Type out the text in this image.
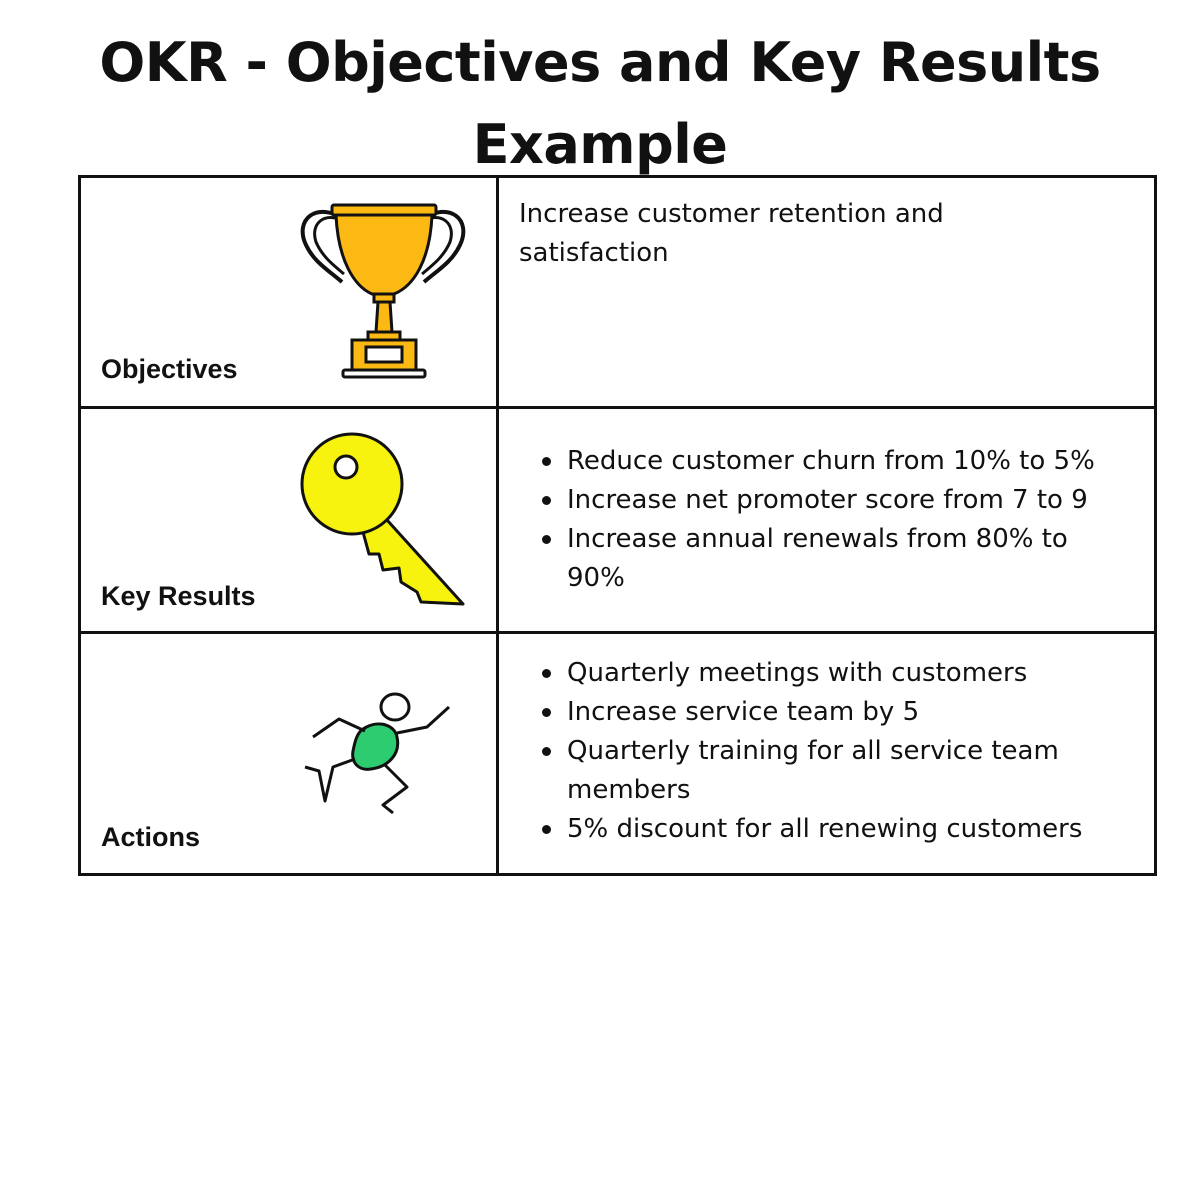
OKR - Objectives and Key Results Example
Objectives
Increase customer retention and satisfaction
Key Results
Reduce customer churn from 10% to 5%
Increase net promoter score from 7 to 9
Increase annual renewals from 80% to 90%
Actions
Quarterly meetings with customers
Increase service team by 5
Quarterly training for all service team members
5% discount for all renewing customers
